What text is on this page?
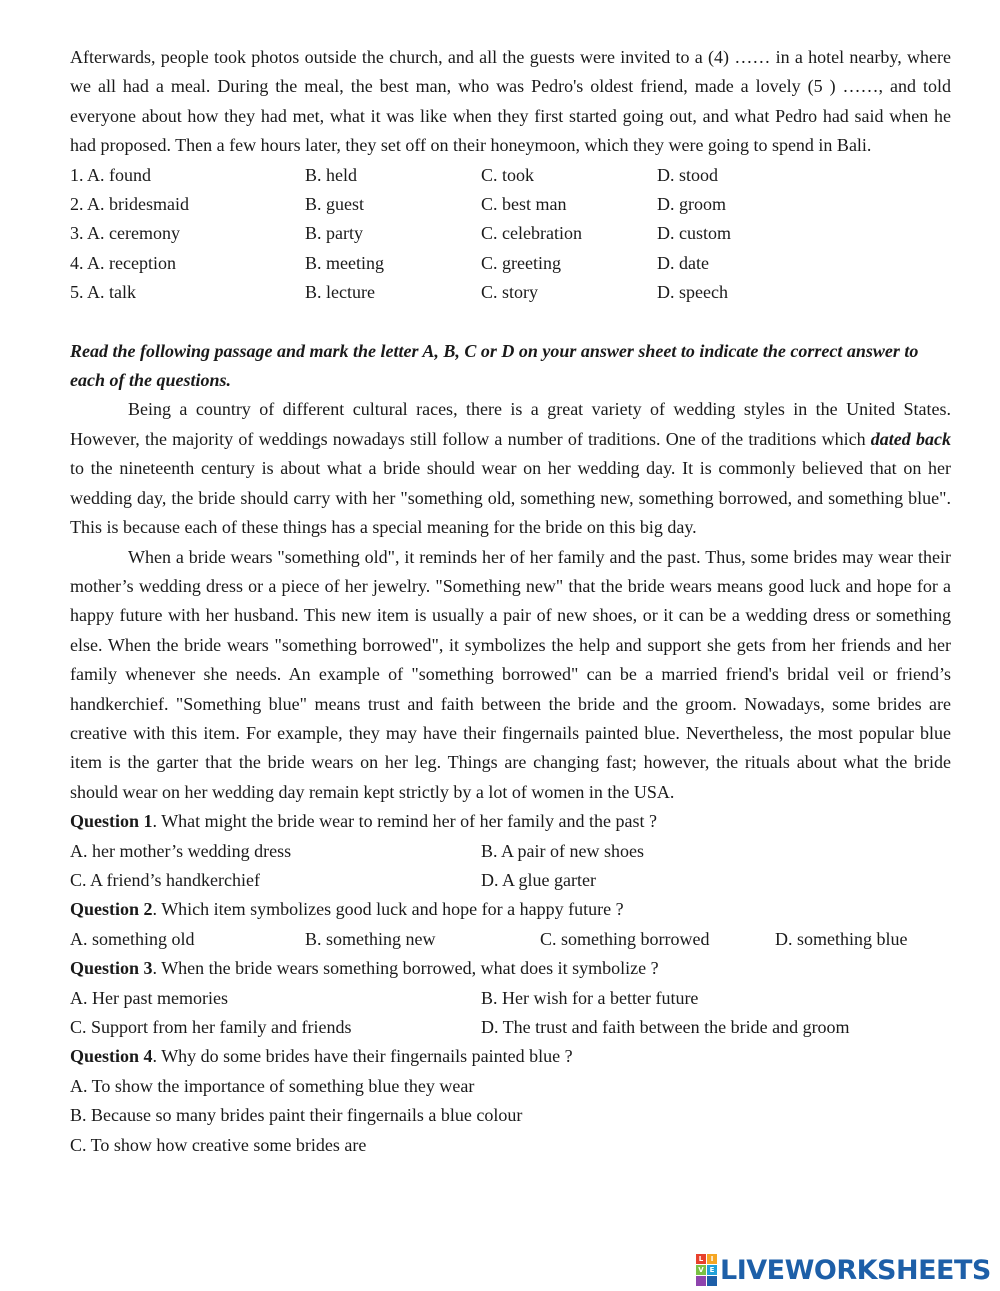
Afterwards, people took photos outside the church, and all the guests were invited to a (4) …… in a hotel nearby, where we all had a meal. During the meal, the best man, who was Pedro's oldest friend, made a lovely (5 ) ……, and told everyone about how they had met, what it was like when they first started going out, and what Pedro had said when he had proposed. Then a few hours later, they set off on their honeymoon, which they were going to spend in Bali.
1. A. found	B. held	C. took	D. stood
2. A. bridesmaid	B. guest	C. best man	D. groom
3. A. ceremony	B. party	C. celebration	D. custom
4. A. reception	B. meeting	C. greeting	D. date
5. A. talk	B. lecture	C. story	D. speech
Read the following passage and mark the letter A, B, C or D on your answer sheet to indicate the correct answer to each of the questions.
Being a country of different cultural races, there is a great variety of wedding styles in the United States. However, the majority of weddings nowadays still follow a number of traditions. One of the traditions which dated back to the nineteenth century is about what a bride should wear on her wedding day. It is commonly believed that on her wedding day, the bride should carry with her "something old, something new, something borrowed, and something blue". This is because each of these things has a special meaning for the bride on this big day.
When a bride wears "something old", it reminds her of her family and the past. Thus, some brides may wear their mother’s wedding dress or a piece of her jewelry. "Something new" that the bride wears means good luck and hope for a happy future with her husband. This new item is usually a pair of new shoes, or it can be a wedding dress or something else. When the bride wears "something borrowed", it symbolizes the help and support she gets from her friends and her family whenever she needs. An example of "something borrowed" can be a married friend's bridal veil or friend’s handkerchief. "Something blue" means trust and faith between the bride and the groom. Nowadays, some brides are creative with this item. For example, they may have their fingernails painted blue. Nevertheless, the most popular blue item is the garter that the bride wears on her leg. Things are changing fast; however, the rituals about what the bride should wear on her wedding day remain kept strictly by a lot of women in the USA.
Question 1. What might the bride wear to remind her of her family and the past ?
A. her mother’s wedding dress	B. A pair of new shoes
C. A friend’s handkerchief	D. A glue garter
Question 2. Which item symbolizes good luck and hope for a happy future ?
A. something old	B. something new	C. something borrowed	D. something blue
Question 3. When the bride wears something borrowed, what does it symbolize ?
A. Her past memories	B. Her wish for a better future
C. Support from her family and friends	D. The trust and faith between the bride and groom
Question 4. Why do some brides have their fingernails painted blue ?
A. To show the importance of something blue they wear
B. Because so many brides paint their fingernails a blue colour
C. To show how creative some brides are
L	I
V E LIVEWORKSHEETS
